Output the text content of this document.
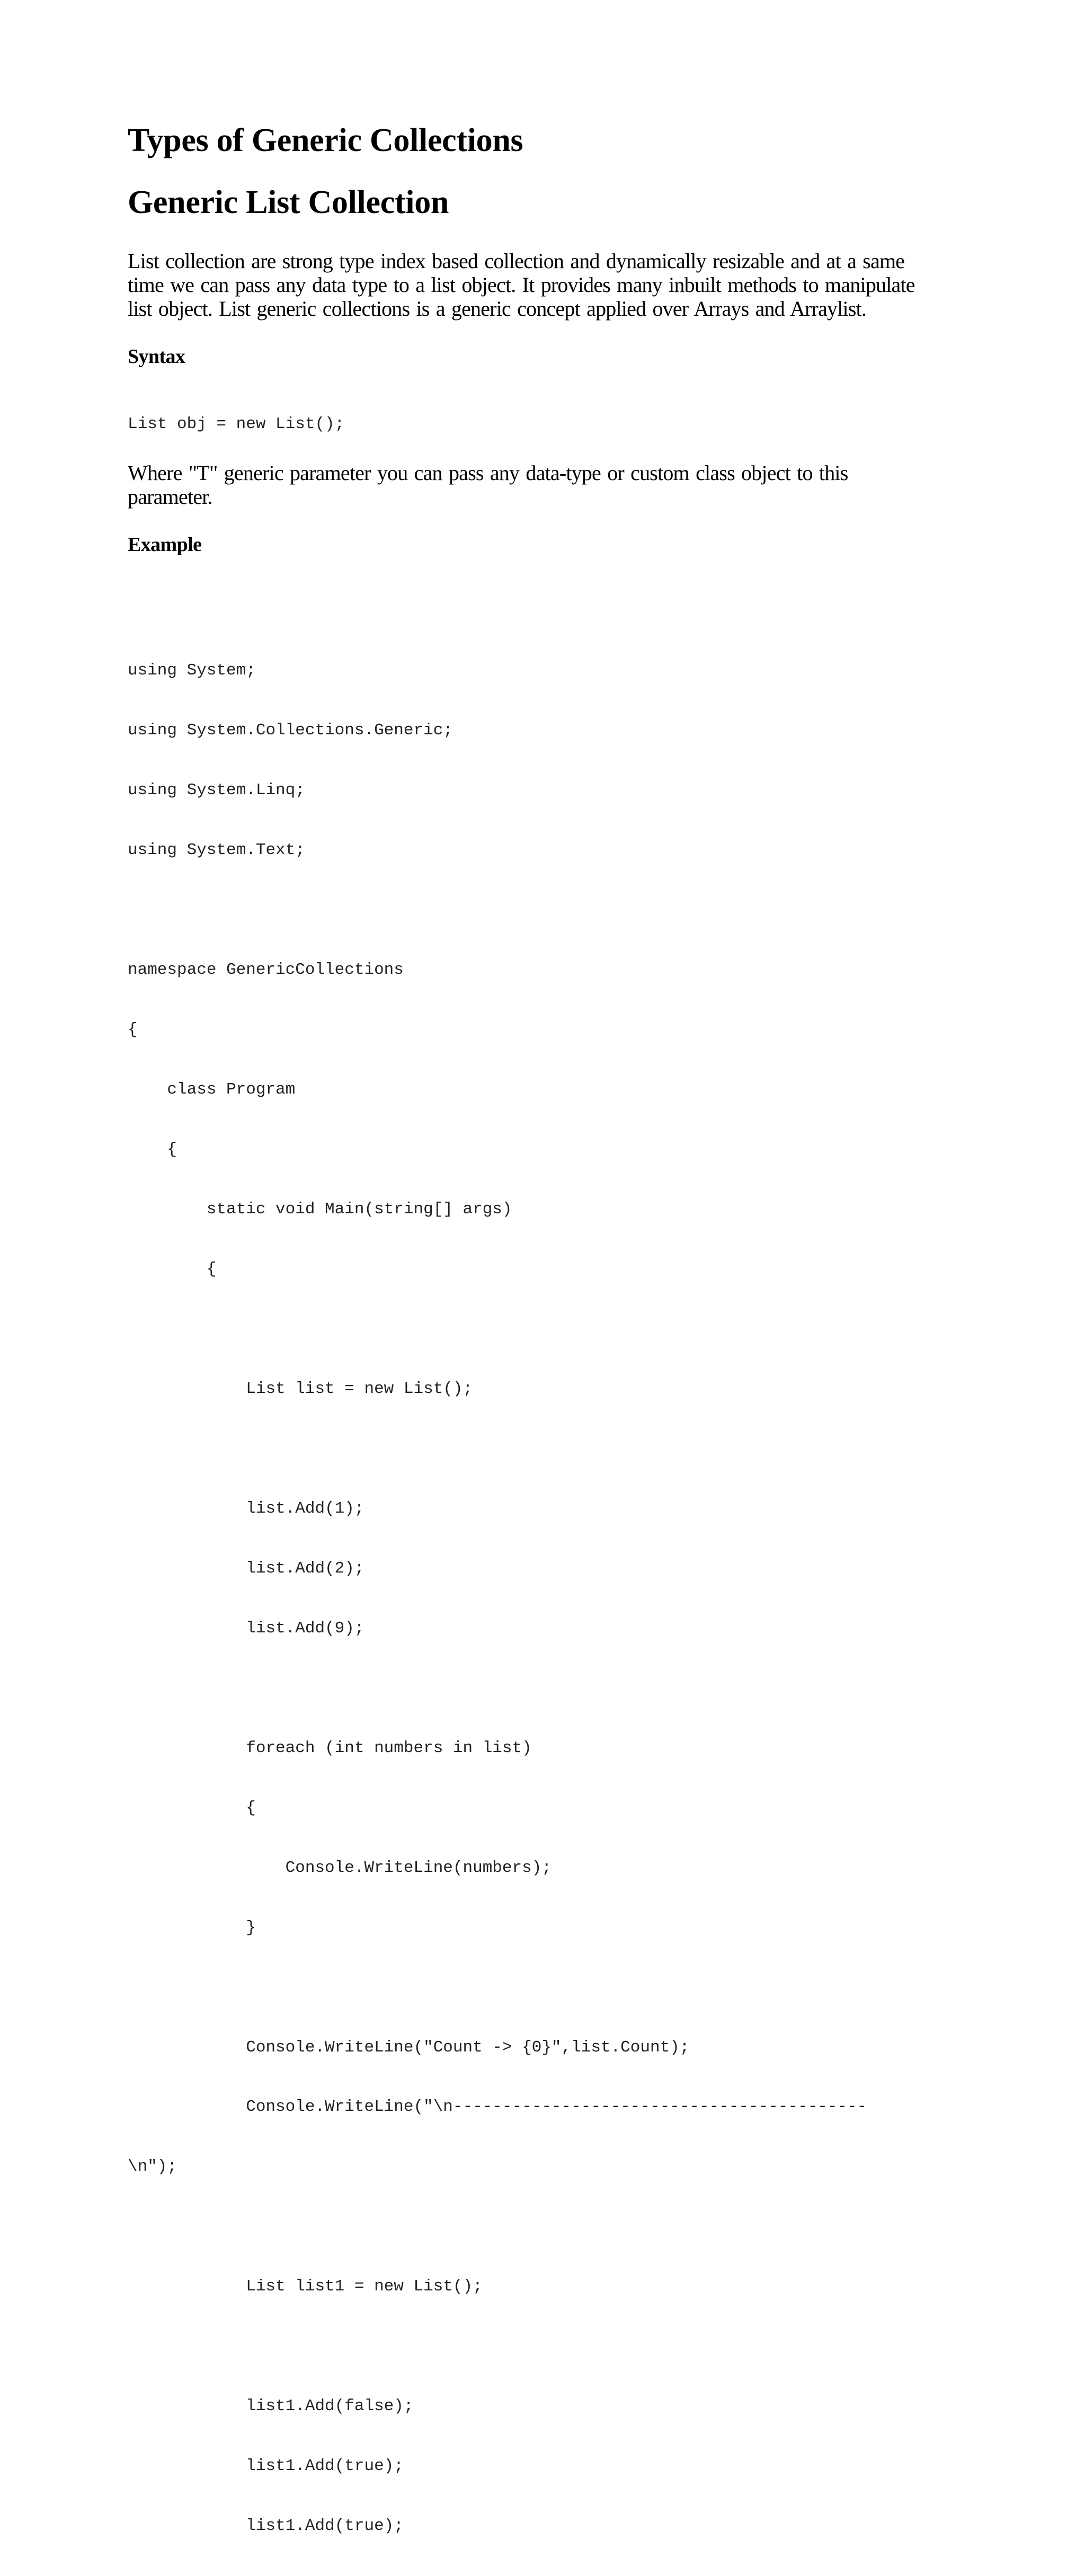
Types of Generic Collections
Generic List Collection

List collection are strong type index based collection and dynamically resizable and at a same
time we can pass any data type to a list object. It provides many inbuilt methods to manipulate
list object. List generic collections is a generic concept applied over Arrays and Arraylist.

Syntax
List obj = new List();

Where "T" generic parameter you can pass any data-type or custom class object to this
parameter.

Example

using System;

using System.Collections.Generic;

using System.Linq;

using System.Text;

namespace GenericCollections

{

class Program

{

static void Main(string[] args)

{

List list = new List();

list.Add(1);

list.Add(2);

list.Add(9);

foreach (int numbers in list)

{

Console.WriteLine(numbers);

}

Console.WriteLine("Count -> {0}",list.Count);

Console.WriteLine("\n------------------------------------------

\n");

List list1 = new List();

list1.Add(false);

list1.Add(true);

list1.Add(true);
